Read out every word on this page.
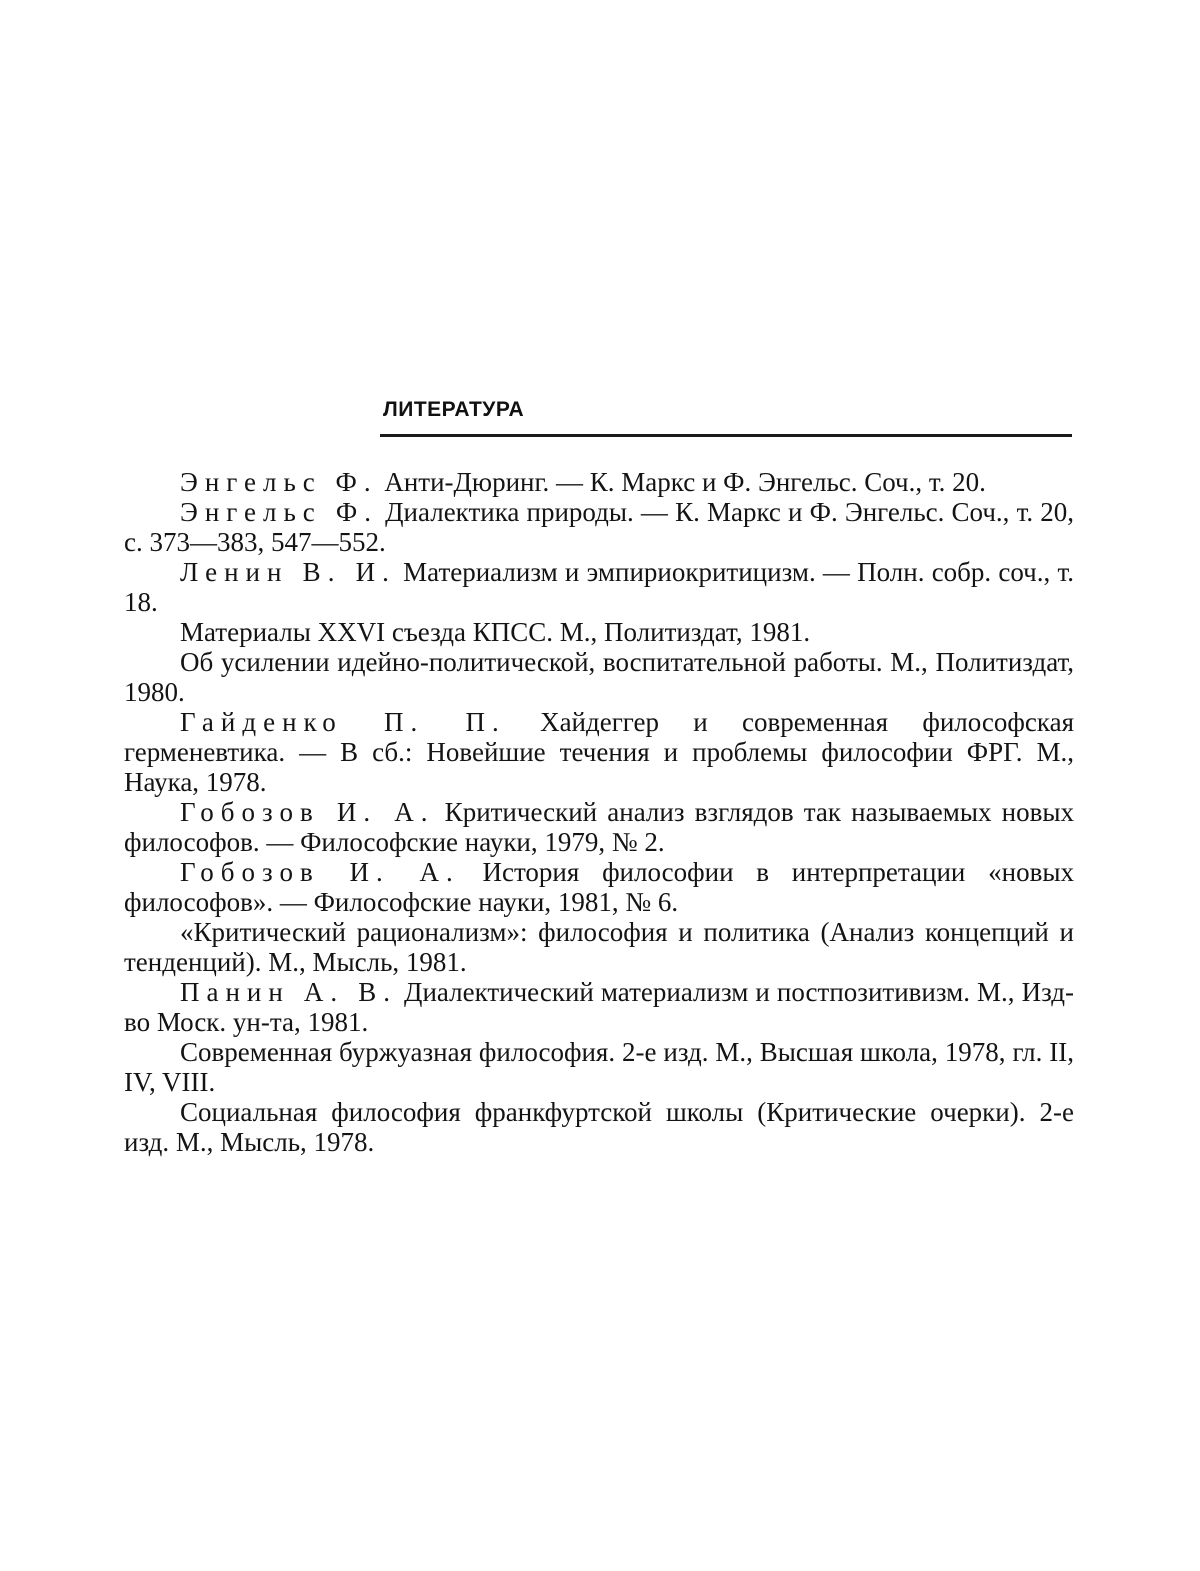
ЛИТЕРАТУРА

Энгельс Ф. Анти-Дюринг. — К. Маркс и Ф. Энгельс. Соч., т. 20.

Энгельс Ф. Диалектика природы. — К. Маркс и Ф. Энгельс. Соч., т. 20, с. 373—383, 547—552.

Ленин В. И. Материализм и эмпириокритицизм. — Полн. собр. соч., т. 18.

Материалы XXVI съезда КПСС. М., Политиздат, 1981.

Об усилении идейно-политической, воспитательной работы. М., Политиздат, 1980.

Гайденко П. П. Хайдеггер и современная философская герменевтика. — В сб.: Новейшие течения и проблемы философии ФРГ. М., Наука, 1978.

Гобозов И. А. Критический анализ взглядов так называемых новых философов. — Философские науки, 1979, № 2.

Гобозов И. А. История философии в интерпретации «новых философов». — Философские науки, 1981, № 6.

«Критический рационализм»: философия и политика (Анализ концепций и тенденций). М., Мысль, 1981.

Панин А. В. Диалектический материализм и постпозитивизм. М., Изд-во Моск. ун-та, 1981.

Современная буржуазная философия. 2-е изд. М., Высшая школа, 1978, гл. II, IV, VIII.

Социальная философия франкфуртской школы (Критические очерки). 2-е изд. М., Мысль, 1978.
